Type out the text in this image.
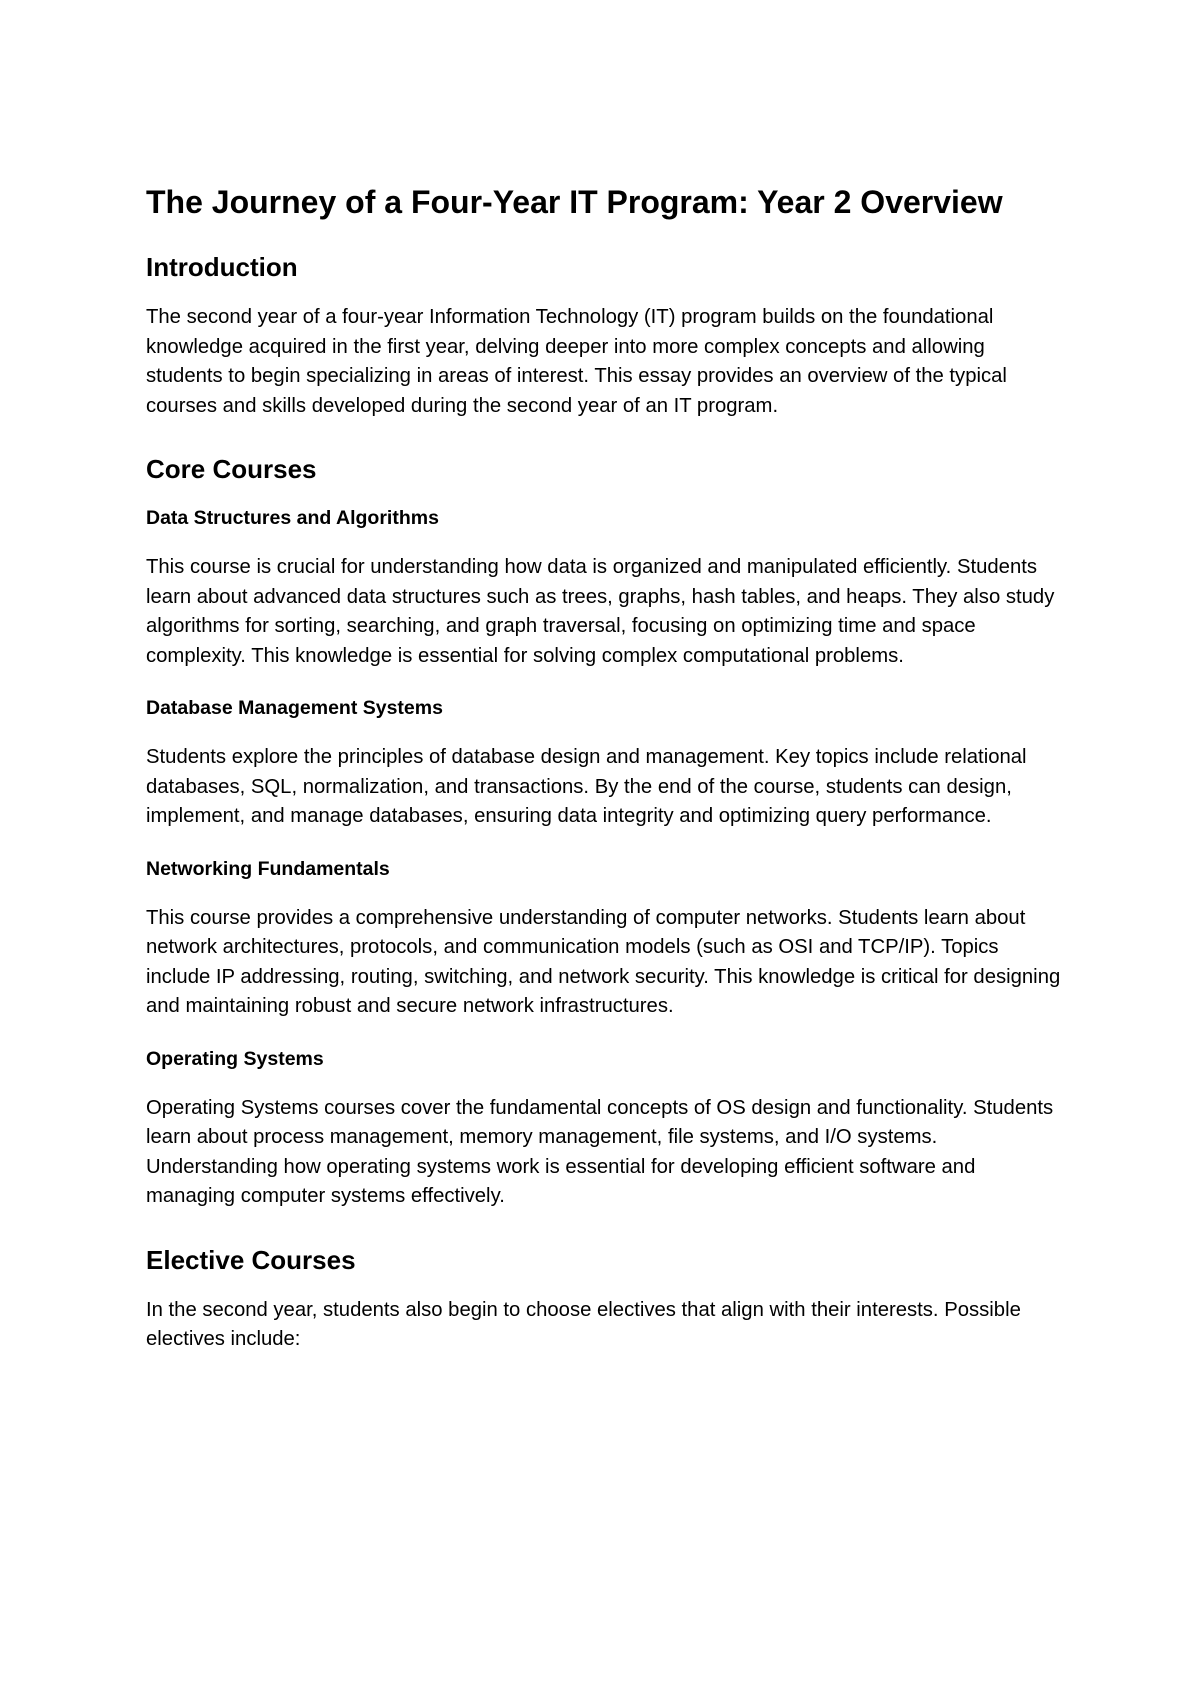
The Journey of a Four-Year IT Program: Year 2 Overview
Introduction

The second year of a four-year Information Technology (IT) program builds on the foundational knowledge acquired in the first year, delving deeper into more complex concepts and allowing students to begin specializing in areas of interest. This essay provides an overview of the typical courses and skills developed during the second year of an IT program.

Core Courses
Data Structures and Algorithms

This course is crucial for understanding how data is organized and manipulated efficiently. Students learn about advanced data structures such as trees, graphs, hash tables, and heaps. They also study algorithms for sorting, searching, and graph traversal, focusing on optimizing time and space complexity. This knowledge is essential for solving complex computational problems.

Database Management Systems

Students explore the principles of database design and management. Key topics include relational databases, SQL, normalization, and transactions. By the end of the course, students can design, implement, and manage databases, ensuring data integrity and optimizing query performance.

Networking Fundamentals

This course provides a comprehensive understanding of computer networks. Students learn about network architectures, protocols, and communication models (such as OSI and TCP/IP). Topics include IP addressing, routing, switching, and network security. This knowledge is critical for designing and maintaining robust and secure network infrastructures.

Operating Systems

Operating Systems courses cover the fundamental concepts of OS design and functionality. Students learn about process management, memory management, file systems, and I/O systems. Understanding how operating systems work is essential for developing efficient software and managing computer systems effectively.

Elective Courses

In the second year, students also begin to choose electives that align with their interests. Possible electives include:
